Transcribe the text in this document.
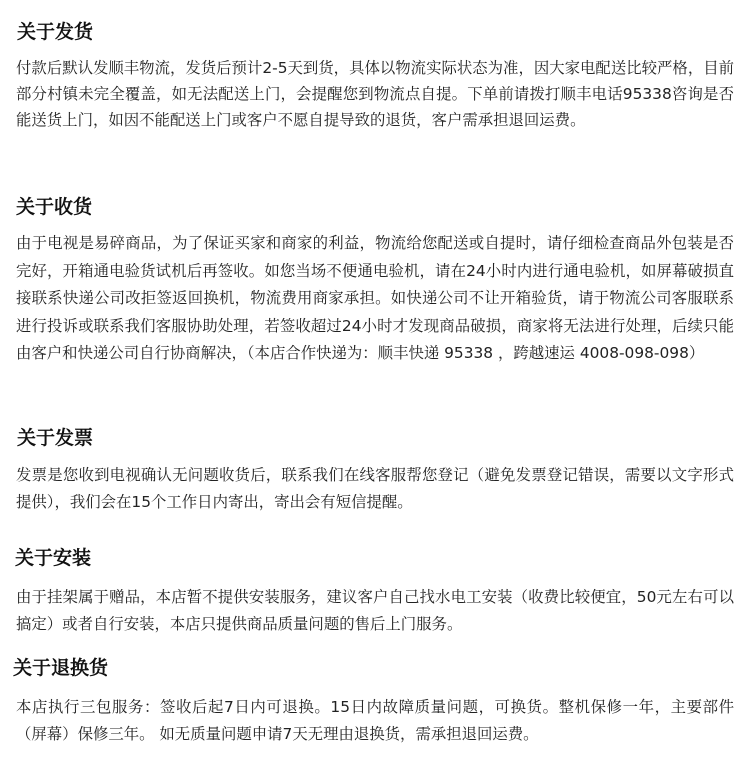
关于发货
付款后默认发顺丰物流，发货后预计2-5天到货，具体以物流实际状态为准，因大家电配送比较严格，目前部分村镇未完全覆盖，如无法配送上门，会提醒您到物流点自提。下单前请拨打顺丰电话95338咨询是否能送货上门，如因不能配送上门或客户不愿自提导致的退货，客户需承担退回运费。
关于收货
由于电视是易碎商品，为了保证买家和商家的利益，物流给您配送或自提时，请仔细检查商品外包装是否完好，开箱通电验货试机后再签收。如您当场不便通电验机，请在24小时内进行通电验机，如屏幕破损直接联系快递公司改拒签返回换机，物流费用商家承担。如快递公司不让开箱验货，请于物流公司客服联系进行投诉或联系我们客服协助处理，若签收超过24小时才发现商品破损，商家将无法进行处理，后续只能由客户和快递公司自行协商解决，（本店合作快递为：顺丰快递 95338 ，跨越速运 4008-098-098）
关于发票
发票是您收到电视确认无问题收货后，联系我们在线客服帮您登记（避免发票登记错误，需要以文字形式提供），我们会在15个工作日内寄出，寄出会有短信提醒。
关于安装
由于挂架属于赠品，本店暂不提供安装服务，建议客户自己找水电工安装（收费比较便宜，50元左右可以搞定）或者自行安装，本店只提供商品质量问题的售后上门服务。
关于退换货
本店执行三包服务：签收后起7日内可退换。15日内故障质量问题，可换货。整机保修一年，主要部件（屏幕）保修三年。 如无质量问题申请7天无理由退换货，需承担退回运费。
